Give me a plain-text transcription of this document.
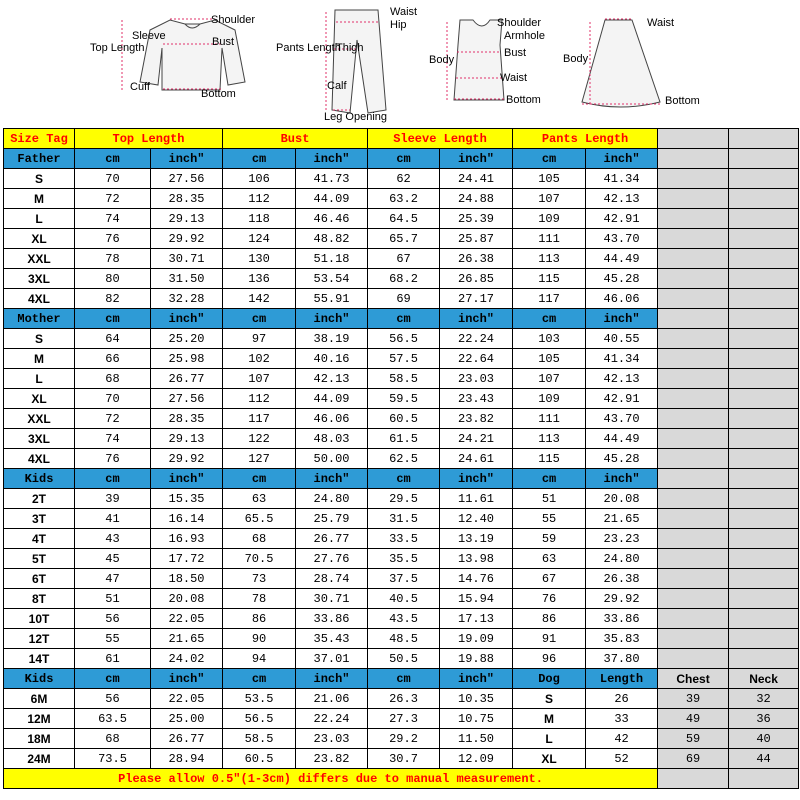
Shoulder
Sleeve
Top Length	Bust
Cuff
Bottom
Waist
Hip
Pants Length
Thigh
Calf
Leg Opening
Shoulder
Armhole
Body
Bust
Waist
Bottom
Waist
Body
Bottom
Size Tag	Top Length		Bust		Sleeve Length		Pants Length			
Father	cm	inch"	cm	inch"	cm	inch"	cm	inch"		
S	70	27.56	106	41.73	62	24.41	105	41.34		
M	72	28.35	112	44.09	63.2	24.88	107	42.13		
L	74	29.13	118	46.46	64.5	25.39	109	42.91		
XL	76	29.92	124	48.82	65.7	25.87	111	43.70		
XXL	78	30.71	130	51.18	67	26.38	113	44.49		
3XL	80	31.50	136	53.54	68.2	26.85	115	45.28		
4XL	82	32.28	142	55.91	69	27.17	117	46.06		
Mother	cm	inch"	cm	inch"	cm	inch"	cm	inch"		
S	64	25.20	97	38.19	56.5	22.24	103	40.55		
M	66	25.98	102	40.16	57.5	22.64	105	41.34		
L	68	26.77	107	42.13	58.5	23.03	107	42.13		
XL	70	27.56	112	44.09	59.5	23.43	109	42.91		
XXL	72	28.35	117	46.06	60.5	23.82	111	43.70		
3XL	74	29.13	122	48.03	61.5	24.21	113	44.49		
4XL	76	29.92	127	50.00	62.5	24.61	115	45.28		
Kids	cm	inch"	cm	inch"	cm	inch"	cm	inch"		
2T	39	15.35	63	24.80	29.5	11.61	51	20.08		
3T	41	16.14	65.5	25.79	31.5	12.40	55	21.65		
4T	43	16.93	68	26.77	33.5	13.19	59	23.23		
5T	45	17.72	70.5	27.76	35.5	13.98	63	24.80		
6T	47	18.50	73	28.74	37.5	14.76	67	26.38		
8T	51	20.08	78	30.71	40.5	15.94	76	29.92		
10T	56	22.05	86	33.86	43.5	17.13	86	33.86		
12T	55	21.65	90	35.43	48.5	19.09	91	35.83		
14T	61	24.02	94	37.01	50.5	19.88	96	37.80		
Kids	cm	inch"	cm	inch"	cm	inch"	Dog	Length	Chest	Neck
6M	56	22.05	53.5	21.06	26.3	10.35	S	26	39	32
12M	63.5	25.00	56.5	22.24	27.3	10.75	M	33	49	36
18M	68	26.77	58.5	23.03	29.2	11.50	L	42	59	40
24M	73.5	28.94	60.5	23.82	30.7	12.09	XL	52	69	44
Please allow 0.5"(1-3cm) differs due to manual measurement.										
